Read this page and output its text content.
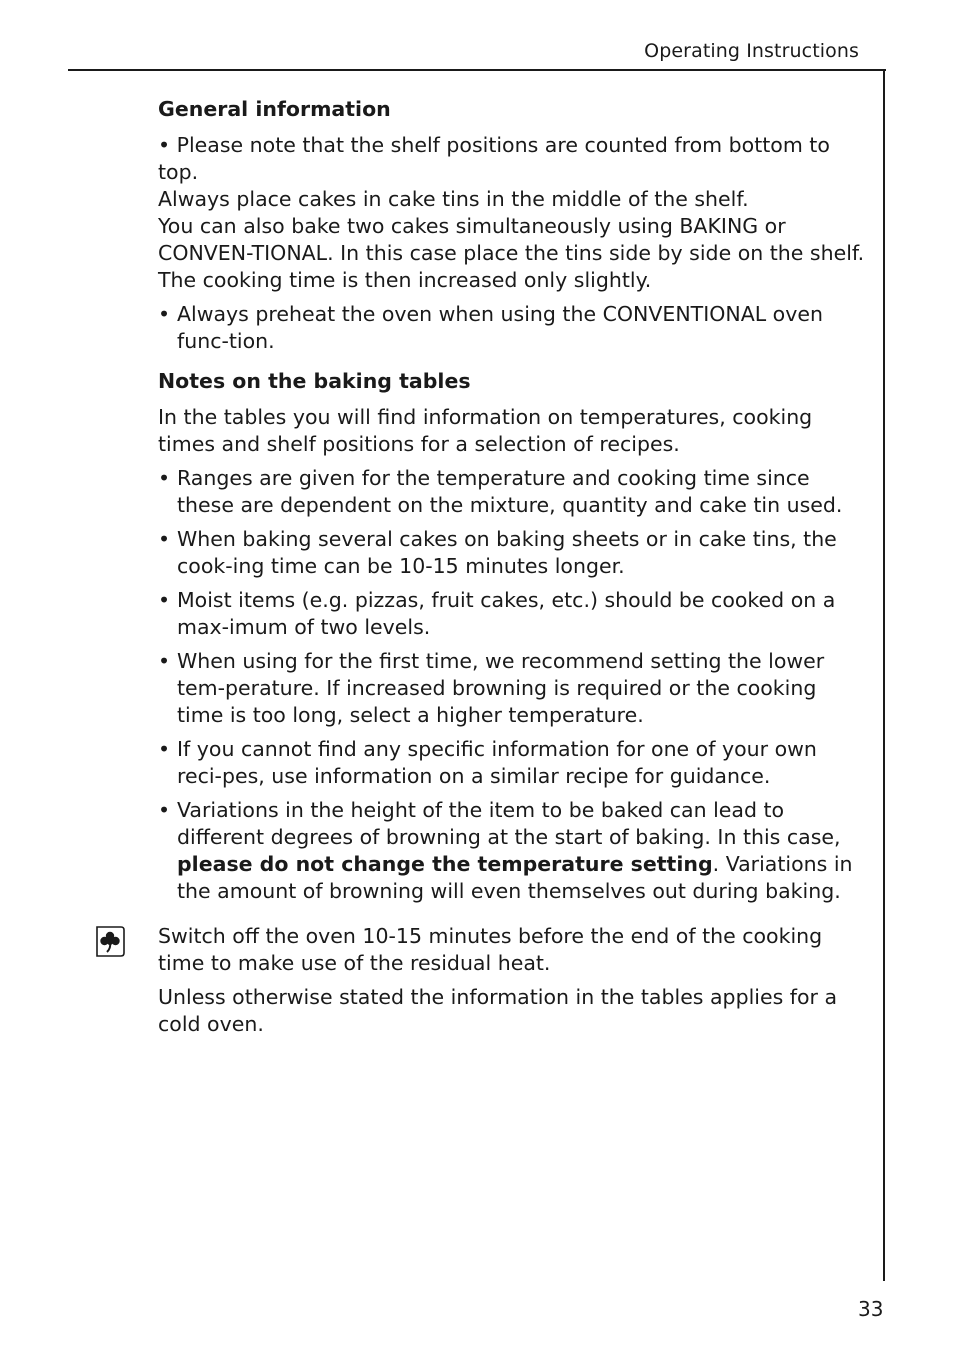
Operating Instructions
General information
• Please note that the shelf positions are counted from bottom to top.
Always place cakes in cake tins in the middle of the shelf.

You can also bake two cakes simultaneously using BAKING or CONVEN-TIONAL. In this case place the tins side by side on the shelf. The cooking time is then increased only slightly.

• Always preheat the oven when using the CONVENTIONAL oven func-tion.
Notes on the baking tables

In the tables you will find information on temperatures, cooking times and shelf positions for a selection of recipes.

• Ranges are given for the temperature and cooking time since these are dependent on the mixture, quantity and cake tin used.
• When baking several cakes on baking sheets or in cake tins, the cook-ing time can be 10-15 minutes longer.
• Moist items (e.g. pizzas, fruit cakes, etc.) should be cooked on a max-imum of two levels.
• When using for the first time, we recommend setting the lower tem-perature. If increased browning is required or the cooking time is too long, select a higher temperature.
• If you cannot find any specific information for one of your own reci-pes, use information on a similar recipe for guidance.
• Variations in the height of the item to be baked can lead to different degrees of browning at the start of baking. In this case, please do not change the temperature setting. Variations in the amount of browning will even themselves out during baking.

Switch off the oven 10-15 minutes before the end of the cooking time to make use of the residual heat.

Unless otherwise stated the information in the tables applies for a cold oven.

33
